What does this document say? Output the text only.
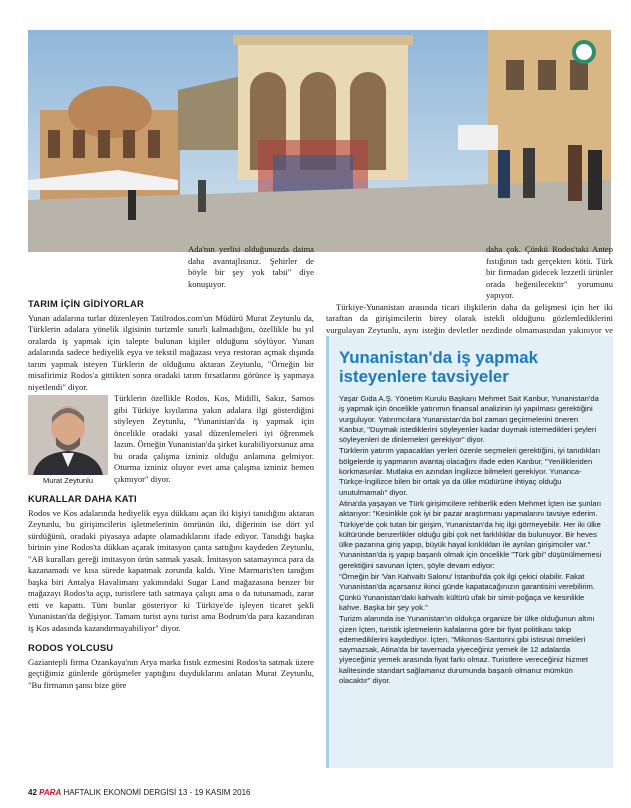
Ada'nın yerlisi olduğunuzda daima daha avantajlısınız. Şehirler de böyle bir şey yok tabii" diye konuşuyor.

TARIM İÇİN GİDİYORLAR

Yunan adalarına turlar düzenleyen Tatilrodos.com'un Müdürü Murat Zeytunlu da, Türklerin adalara yönelik ilgisinin turizmle sınırlı kalmadığını, özellikle bu yıl oralarda iş yapmak için talepte bulunan kişiler olduğunu söylüyor. Yunan adalarında sadece hediyelik eşya ve tekstil mağazası veya restoran açmak dışında tarım yapmak isteyen Türklerin de olduğunu aktaran Zeytunlu, "Örneğin bir misafirimiz Rodos'a gittikten sonra oradaki tarım fırsatlarını görünce iş yapmaya niyetlendi" diyor.

Murat Zeytunlu

Türklerin özellikle Rodos, Kos, Midilli, Sakız, Samos gibi Türkiye kıyılarına yakın adalara ilgi gösterdiğini söyleyen Zeytunlu, "Yunanistan'da iş yapmak için öncelikle oradaki yasal düzenlemeleri iyi öğrenmek lazım. Örneğin Yunanistan'da şirket kurabiliyorsunuz ama bu orada çalışma izniniz olduğu anlamına gelmiyor. Oturma izniniz oluyor evet ama çalışma izniniz hemen çıkmıyor" diyor.

KURALLAR DAHA KATI

Rodos ve Kos adalarında hediyelik eşya dükkanı açan iki kişiyi tanıdığını aktaran Zeytunlu, bu girişimcilerin işletmelerinin ömrünün iki, diğerinin ise dört yıl sürdüğünü, oradaki piyasaya adapte olamadıklarını ifade ediyor. Tanıdığı başka birinin yine Rodos'ta dükkan açarak imitasyon çanta sattığını kaydeden Zeytunlu, "AB kuralları gereği imitasyon ürün satmak yasak. İmitasyon satamayınca para da kazanamadı ve kısa sürede kapatmak zorunda kaldı. Yine Marmaris'ten tanığım başka biri Antalya Havalimanı yakınındaki Sugar Land mağazasına benzer bir mağazayı Rodos'ta açıp, turistlere tatlı satmaya çalıştı ama o da tutunamadı, zarar etti ve kapattı. Tüm bunlar gösteriyor ki Türkiye'de işleyen ticaret şekli Yunanistan'da değişiyor. Tamam turist aynı turist ama Bodrum'da para kazandıran iş Kos adasında kazandırmayabiliyor" diyor.

RODOS YOLCUSU

Gaziantepli firma Ozankaya'nın Arya marka fıstık ezmesini Rodos'ta satmak üzere geçtiğimiz günlerde görüşmeler yaptığını duyduklarını anlatan Murat Zeytunlu, "Bu firmanın şansı bize göre

daha çok. Çünkü Rodos'taki Antep fıstığının tadı gerçekten kötü. Türk bir firmadan gidecek lezzetli ürünler orada beğenilecektir" yorumunu yapıyor.

Türkiye-Yunanistan arasında ticari ilişkilerin daha da gelişmesi için her iki taraftan da girişimcilerin birey olarak istekli olduğunu gözlemlediklerini vurgulayan Zeytunlu, aynı isteğin devletler nezdinde olmamasından yakınıyor ve

Yunanistan'da iş yapmak
isteyenlere tavsiyeler

Yaşar Gıda A.Ş. Yönetim Kurulu Başkanı Mehmet Sait Kanbur, Yunanistan'da iş yapmak için öncelikle yatırımın finansal analizinin iyi yapılması gerektiğini vurguluyor. Yatırımcılara Yunanistan'da bol zaman geçirmelerini öneren Kanbur, "Duymak istediklerini söyleyenler kadar duymak istemedikleri şeyleri söyleyenleri de dinlemeleri gerekiyor" diyor.

Türklerin yatırım yapacakları yerleri özenle seçmeleri gerektiğini, iyi tanıdıkları bölgelerde iş yapmanın avantaj olacağını ifade eden Kanbur, "Yenilikleriden korkmasınlar. Mutlaka en azından İngilizce bilmeleri gerekiyor. Yunanca-Türkçe-İngilizce bilen bir ortak ya da ülke müdürüne ihtiyaç olduğu unutulmamalı" diyor.

Atina'da yaşayan ve Türk girişimcilere rehberlik eden Mehmet İçten ise şunları aktarıyor: "Kesinlikle çok iyi bir pazar araştırması yapmalarını tavsiye ederim. Türkiye'de çok tutan bir girişim, Yunanistan'da hiç ilgi görmeyebilir. Her iki ülke kültüründe benzerlikler olduğu gibi çok net farklılıklar da bulunuyor. Bir heves ülke pazarına giriş yapıp, büyük hayal kırıklıkları ile ayrılan girişimciler var." Yunanistan'da iş yapıp başarılı olmak için öncelikle "Türk gibi" düşünülmemesi gerektiğini savunan İçten, şöyle devam ediyor:

"Örneğin bir 'Van Kahvaltı Salonu' İstanbul'da çok ilgi çekici olabilir. Fakat Yunanistan'da açarsanız ikinci günde kapatacağınızın garantisini verebilirim. Çünkü Yunanistan'daki kahvaltı kültürü ufak bir simit-poğaça ve kesinlikle kahve. Başka bir şey yok."

Turizm alanında ise Yunanistan'ın oldukça organize bir ülke olduğunun altını çizen İçten, turistik işletmelerin kafalarına göre bir fiyat politikası takip edemediklerini kaydediyor. İçten, "Mikonos-Santorini gibi istisnai örnekleri saymazsak, Atina'da bir tavernada yiyeceğiniz yemek ile 12 adalarda yiyeceğiniz yemek arasında fiyat farkı olmaz. Turistlere vereceğiniz hizmet kalitesinde standart sağlamanız durumunda başarılı olmanız mümkün olacaktır" diyor.

42 PARA HAFTALIK EKONOMİ DERGİSİ 13 - 19 KASIM 2016
